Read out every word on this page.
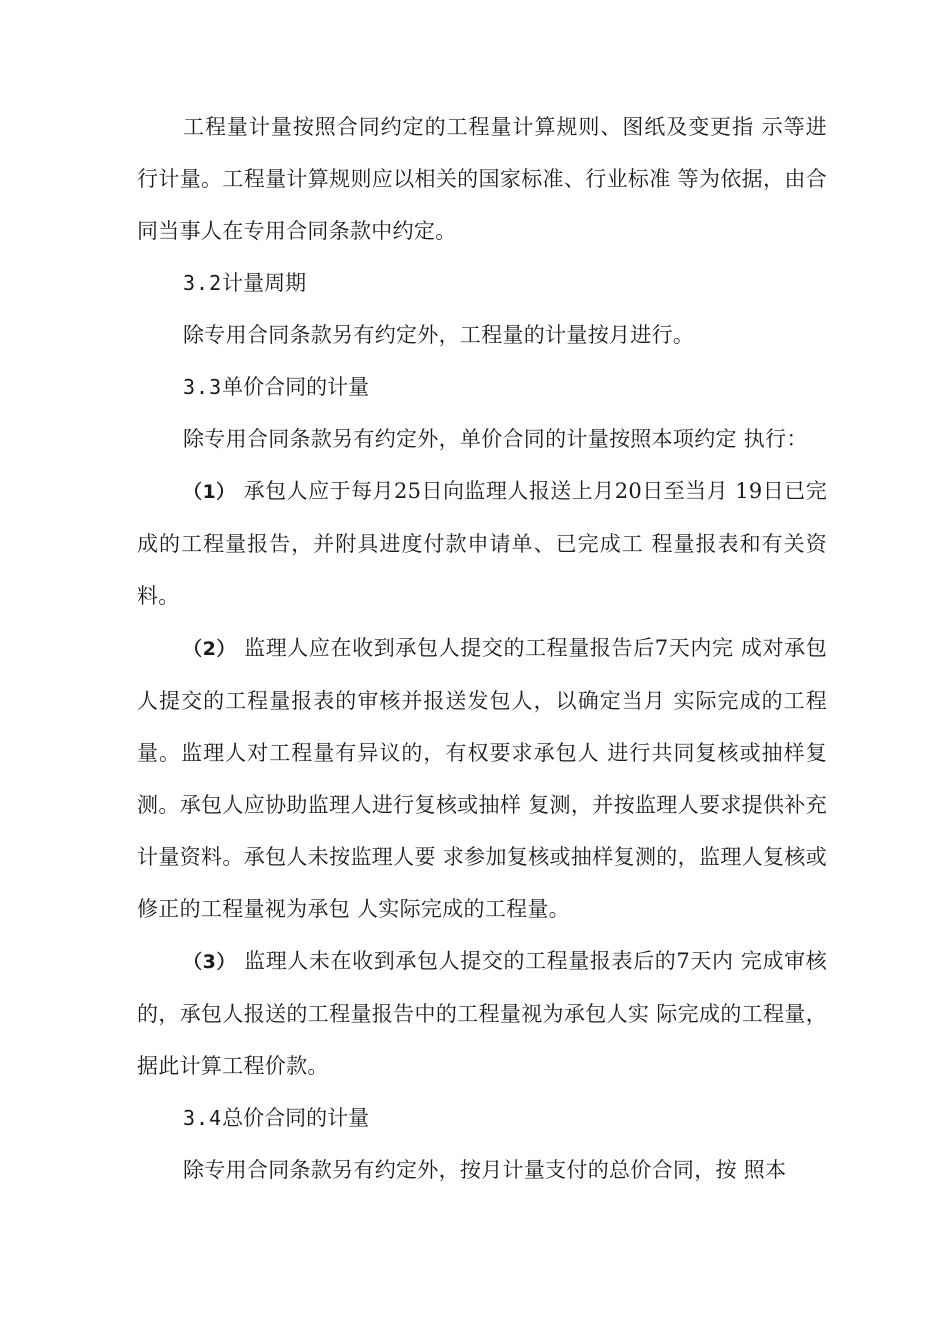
工程量计量按照合同约定的工程量计算规则、图纸及变更指 示等进行计量。工程量计算规则应以相关的国家标准、行业标准 等为依据，由合同当事人在专用合同条款中约定。

3.2计量周期

除专用合同条款另有约定外，工程量的计量按月进行。

3.3单价合同的计量

除专用合同条款另有约定外，单价合同的计量按照本项约定 执行：

（1） 承包人应于每月25日向监理人报送上月20日至当月 19日已完成的工程量报告，并附具进度付款申请单、已完成工 程量报表和有关资料。

（2） 监理人应在收到承包人提交的工程量报告后7天内完 成对承包人提交的工程量报表的审核并报送发包人，以确定当月 实际完成的工程量。监理人对工程量有异议的，有权要求承包人 进行共同复核或抽样复测。承包人应协助监理人进行复核或抽样 复测，并按监理人要求提供补充计量资料。承包人未按监理人要 求参加复核或抽样复测的，监理人复核或修正的工程量视为承包 人实际完成的工程量。

（3） 监理人未在收到承包人提交的工程量报表后的7天内 完成审核的，承包人报送的工程量报告中的工程量视为承包人实 际完成的工程量，据此计算工程价款。

3.4总价合同的计量

除专用合同条款另有约定外，按月计量支付的总价合同，按 照本
